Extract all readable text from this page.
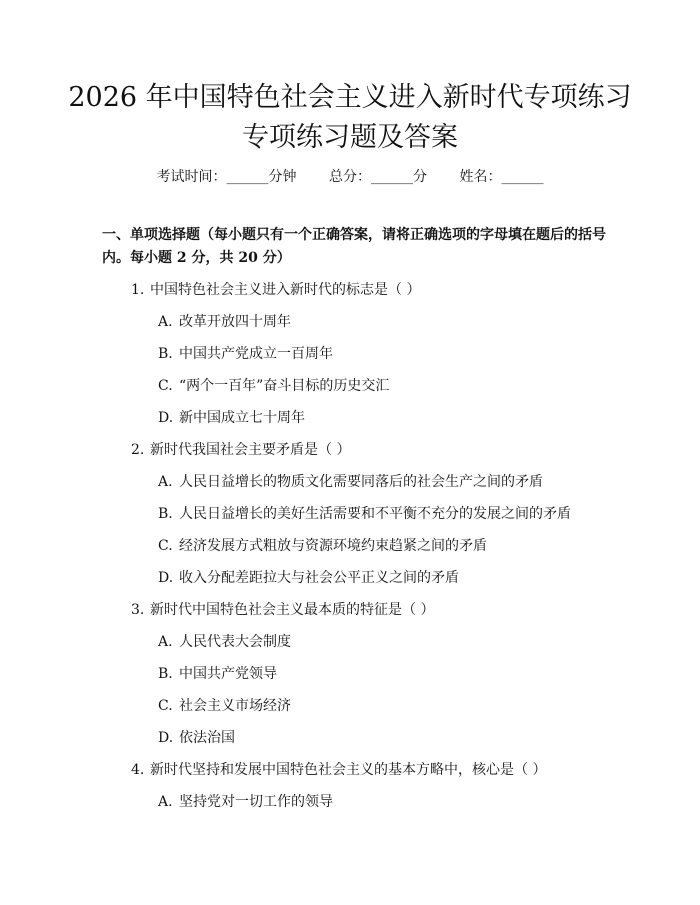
2026 年中国特色社会主义进入新时代专项练习专项练习题及答案
考试时间：______分钟 总分：______分 姓名：______

一、单项选择题（每小题只有一个正确答案，请将正确选项的字母填在题后的括号内。每小题 2 分，共 20 分）

1. 中国特色社会主义进入新时代的标志是（ ）
A. 改革开放四十周年
B. 中国共产党成立一百周年
C. “两个一百年”奋斗目标的历史交汇
D. 新中国成立七十周年
2. 新时代我国社会主要矛盾是（ ）
A. 人民日益增长的物质文化需要同落后的社会生产之间的矛盾
B. 人民日益增长的美好生活需要和不平衡不充分的发展之间的矛盾
C. 经济发展方式粗放与资源环境约束趋紧之间的矛盾
D. 收入分配差距拉大与社会公平正义之间的矛盾
3. 新时代中国特色社会主义最本质的特征是（ ）
A. 人民代表大会制度
B. 中国共产党领导
C. 社会主义市场经济
D. 依法治国
4. 新时代坚持和发展中国特色社会主义的基本方略中，核心是（ ）
A. 坚持党对一切工作的领导
